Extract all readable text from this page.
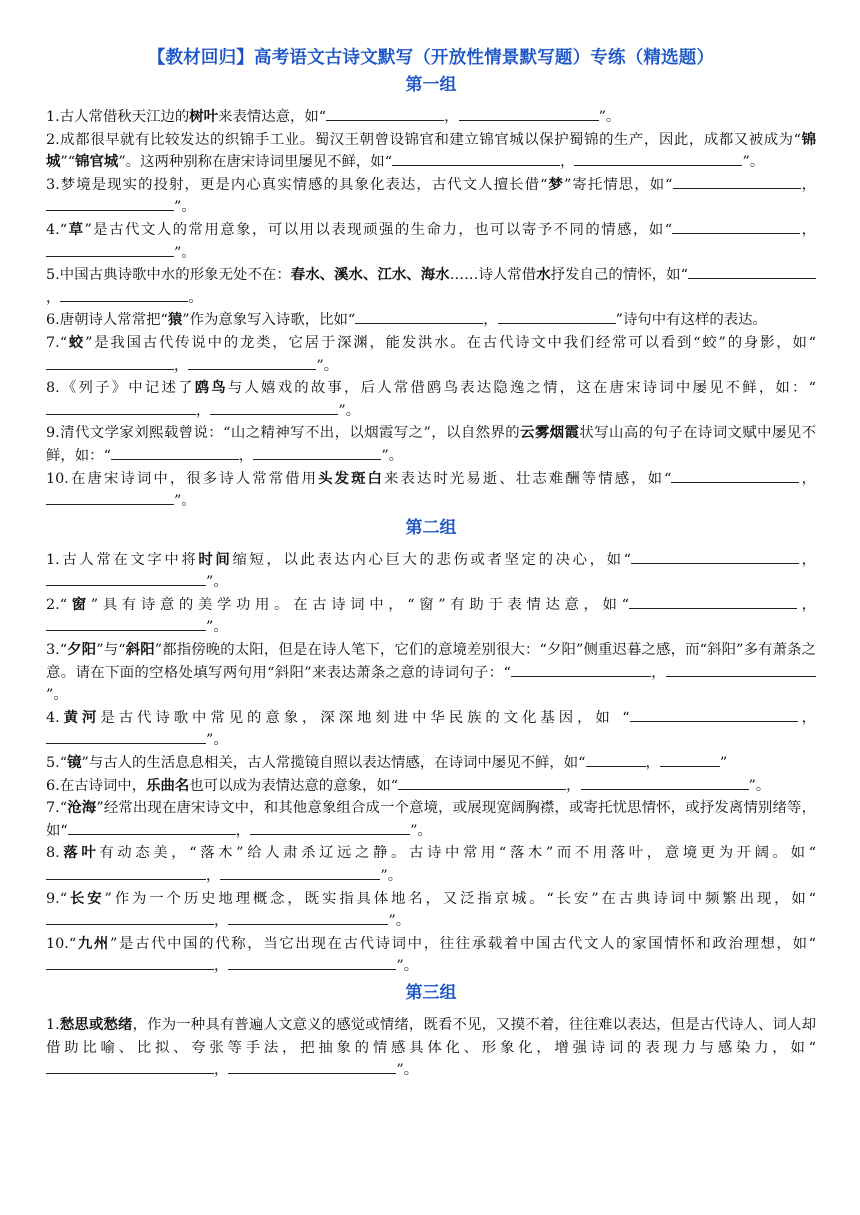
【教材回归】高考语文古诗文默写（开放性情景默写题）专练（精选题）
第一组

1.古人常借秋天江边的树叶来表情达意，如“	，	”。

2.成都很早就有比较发达的织锦手工业。蜀汉王朝曾设锦官和建立锦官城以保护蜀锦的生产，因此，成都又被成为“锦城”“锦官城”。这两种别称在唐宋诗词里屡见不鲜，如“	，	”。

3.梦境是现实的投射，更是内心真实情感的具象化表达，古代文人擅长借“梦”寄托情思，如“	，”。

4.“草”是古代文人的常用意象，可以用以表现顽强的生命力，也可以寄予不同的情感，如“	，”。

5.中国古典诗歌中水的形象无处不在：春水、溪水、江水、海水……诗人常借水抒发自己的情怀，如“，	。

6.唐朝诗人常常把“猿”作为意象写入诗歌，比如“	，	”诗句中有这样的表达。

7.“蛟”是我国古代传说中的龙类，它居于深渊，能发洪水。在古代诗文中我们经常可以看到“蛟”的身影，如“，	”。

8.《列子》中记述了鸥鸟与人嬉戏的故事，后人常借鸥鸟表达隐逸之情，这在唐宋诗词中屡见不鲜，如：“，	”。

9.清代文学家刘熙载曾说：“山之精神写不出，以烟霞写之”，以自然界的云雾烟霞状写山高的句子在诗词文赋中屡见不鲜，如：“	，	”。

10.在唐宋诗词中，很多诗人常常借用头发斑白来表达时光易逝、壮志难酬等情感，如“	，”。

第二组

1.古人常在文字中将时间缩短，以此表达内心巨大的悲伤或者坚定的决心，如“	，”。

2.“窗”具有诗意的美学功用。在古诗词中，“窗”有助于表情达意，如“	，”。

3.“夕阳”与“斜阳”都指傍晚的太阳，但是在诗人笔下，它们的意境差别很大：“夕阳”侧重迟暮之感，而“斜阳”多有萧条之意。请在下面的空格处填写两句用“斜阳”来表达萧条之意的诗词句子：“	，”。

4.黄河是古代诗歌中常见的意象，深深地刻进中华民族的文化基因，如 “	，”。

5.“镜”与古人的生活息息相关，古人常揽镜自照以表达情感，在诗词中屡见不鲜，如“	，	”

6.在古诗词中，乐曲名也可以成为表情达意的意象，如“	，	”。

7.“沧海”经常出现在唐宋诗文中，和其他意象组合成一个意境，或展现宽阔胸襟，或寄托忧思情怀，或抒发离情别绪等，如“	，	”。

8.落叶有动态美，“落木”给人肃杀辽远之静。古诗中常用“落木”而不用落叶，意境更为开阔。如“，	”。

9.“长安”作为一个历史地理概念，既实指具体地名，又泛指京城。“长安”在古典诗词中频繁出现，如“，	”。

10.“九州”是古代中国的代称，当它出现在古代诗词中，往往承载着中国古代文人的家国情怀和政治理想，如“，	”。

第三组

1.愁思或愁绪，作为一种具有普遍人文意义的感觉或情绪，既看不见，又摸不着，往往难以表达，但是古代诗人、词人却借助比喻、比拟、夸张等手法，把抽象的情感具体化、形象化，增强诗词的表现力与感染力，如“，	”。
